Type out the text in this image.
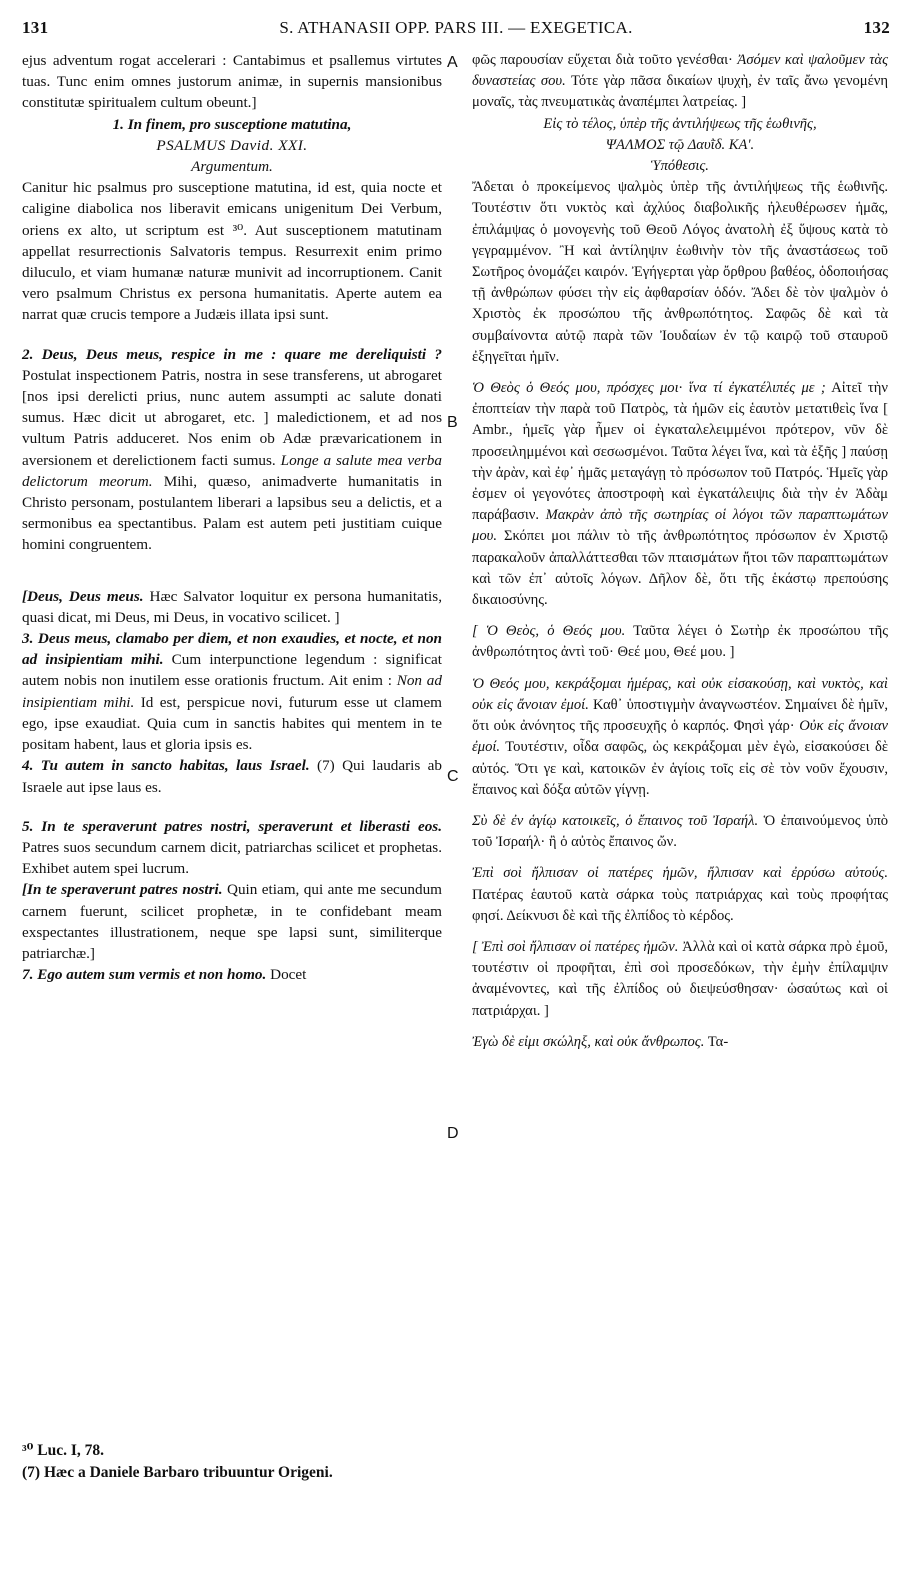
131	S. ATHANASII OPP. PARS III. — EXEGETICA.	132
A
B
C
D

ejus adventum rogat accelerari : Cantabimus et psallemus virtutes tuas. Tunc enim omnes justorum animæ, in supernis mansionibus constitutæ spiritualem cultum obeunt.]

1. In finem, pro susceptione matutina,

PSALMUS David. XXI.

Argumentum.

Canitur hic psalmus pro susceptione matutina, id est, quia nocte et caligine diabolica nos liberavit emicans unigenitum Dei Verbum, oriens ex alto, ut scriptum est ³⁰. Aut susceptionem matutinam appellat resurrectionis Salvatoris tempus. Resurrexit enim primo diluculo, et viam humanæ naturæ munivit ad incorruptionem. Canit vero psalmum Christus ex persona humanitatis. Aperte autem ea narrat quæ crucis tempore a Judæis illata ipsi sunt.

2. Deus, Deus meus, respice in me : quare me dereliquisti ? Postulat inspectionem Patris, nostra in sese transferens, ut abrogaret [nos ipsi derelicti prius, nunc autem assumpti ac salute donati sumus. Hæc dicit ut abrogaret, etc. ] maledictionem, et ad nos vultum Patris adduceret. Nos enim ob Adæ prævaricationem in aversionem et derelictionem facti sumus. Longe a salute mea verba delictorum meorum. Mihi, quæso, animadverte humanitatis in Christo personam, postulantem liberari a lapsibus seu a delictis, et a sermonibus ea spectantibus. Palam est autem peti justitiam cuique homini congruentem.

[Deus, Deus meus. Hæc Salvator loquitur ex persona humanitatis, quasi dicat, mi Deus, mi Deus, in vocativo scilicet. ]

3. Deus meus, clamabo per diem, et non exaudies, et nocte, et non ad insipientiam mihi. Cum interpunctione legendum : significat autem nobis non inutilem esse orationis fructum. Ait enim : Non ad insipientiam mihi. Id est, perspicue novi, futurum esse ut clamem ego, ipse exaudiat. Quia cum in sanctis habites qui mentem in te positam habent, laus et gloria ipsis es.

4. Tu autem in sancto habitas, laus Israel. (7) Qui laudaris ab Israele aut ipse laus es.

5. In te speraverunt patres nostri, speraverunt et liberasti eos. Patres suos secundum carnem dicit, patriarchas scilicet et prophetas. Exhibet autem spei lucrum.

[In te speraverunt patres nostri. Quin etiam, qui ante me secundum carnem fuerunt, scilicet prophetæ, in te confidebant meam exspectantes illustrationem, neque spe lapsi sunt, similiterque patriarchæ.]

7. Ego autem sum vermis et non homo. Docet

φῶς παρουσίαν εὔχεται διὰ τοῦτο γενέσθαι· Ἀσόμεν καὶ ψαλοῦμεν τὰς δυναστείας σου. Τότε γὰρ πᾶσα δικαίων ψυχὴ, ἐν ταῖς ἄνω γενομένη μοναῖς, τὰς πνευματικὰς ἀναπέμπει λατρείας. ]

Εἰς τὸ τέλος, ὑπὲρ τῆς ἀντιλήψεως τῆς ἑωθινῆς,

ΨΑΛΜΟΣ τῷ Δαυῒδ. ΚΑʹ.

Ὑπόθεσις.

Ἄδεται ὁ προκείμενος ψαλμὸς ὑπὲρ τῆς ἀντιλήψεως τῆς ἑωθινῆς. Τουτέστιν ὅτι νυκτὸς καὶ ἀχλύος διαβολικῆς ἠλευθέρωσεν ἡμᾶς, ἐπιλάμψας ὁ μονογενὴς τοῦ Θεοῦ Λόγος ἀνατολὴ ἐξ ὕψους κατὰ τὸ γεγραμμένον. Ἢ καὶ ἀντίληψιν ἑωθινὴν τὸν τῆς ἀναστάσεως τοῦ Σωτῆρος ὀνομάζει καιρόν. Ἐγήγερται γὰρ ὄρθρου βαθέος, ὁδοποιήσας τῇ ἀνθρώπων φύσει τὴν εἰς ἀφθαρσίαν ὁδόν. Ἄδει δὲ τὸν ψαλμὸν ὁ Χριστὸς ἐκ προσώπου τῆς ἀνθρωπότητος. Σαφῶς δὲ καὶ τὰ συμβαίνοντα αὐτῷ παρὰ τῶν Ἰουδαίων ἐν τῷ καιρῷ τοῦ σταυροῦ ἐξηγεῖται ἡμῖν.

Ὁ Θεὸς ὁ Θεός μου, πρόσχες μοι· ἵνα τί ἐγκατέλιπές με ; Αἰτεῖ τὴν ἐποπτείαν τὴν παρὰ τοῦ Πατρὸς, τὰ ἡμῶν εἰς ἑαυτὸν μετατιθεὶς ἵνα [ Ambr., ἡμεῖς γὰρ ἦμεν οἱ ἐγκαταλελειμμένοι πρότερον, νῦν δὲ προσειλημμένοι καὶ σεσωσμένοι. Ταῦτα λέγει ἵνα, καὶ τὰ ἑξῆς ] παύσῃ τὴν ἀρὰν, καὶ ἐφ᾽ ἡμᾶς μεταγάγῃ τὸ πρόσωπον τοῦ Πατρός. Ἡμεῖς γὰρ ἐσμεν οἱ γεγονότες ἀποστροφὴ καὶ ἐγκατάλειψις διὰ τὴν ἐν Ἀδὰμ παράβασιν. Μακρὰν ἀπὸ τῆς σωτηρίας οἱ λόγοι τῶν παραπτωμάτων μου. Σκόπει μοι πάλιν τὸ τῆς ἀνθρωπότητος πρόσωπον ἐν Χριστῷ παρακαλοῦν ἀπαλλάττεσθαι τῶν πταισμάτων ἤτοι τῶν παραπτωμάτων καὶ τῶν ἐπ᾽ αὐτοῖς λόγων. Δῆλον δὲ, ὅτι τῆς ἑκάστῳ πρεπούσης δικαιοσύνης.

[ Ὁ Θεὸς, ὁ Θεός μου. Ταῦτα λέγει ὁ Σωτὴρ ἐκ προσώπου τῆς ἀνθρωπότητος ἀντὶ τοῦ· Θεέ μου, Θεέ μου. ]

Ὁ Θεός μου, κεκράξομαι ἡμέρας, καὶ οὐκ εἰσακούσῃ, καὶ νυκτὸς, καὶ οὐκ εἰς ἄνοιαν ἐμοί. Καθ᾽ ὑποστιγμὴν ἀναγνωστέον. Σημαίνει δὲ ἡμῖν, ὅτι οὐκ ἀνόνητος τῆς προσευχῆς ὁ καρπός. Φησὶ γάρ· Οὐκ εἰς ἄνοιαν ἐμοί. Τουτέστιν, οἶδα σαφῶς, ὡς κεκράξομαι μὲν ἐγὼ, εἰσακούσει δὲ αὐτός. Ὅτι γε καὶ, κατοικῶν ἐν ἁγίοις τοῖς εἰς σὲ τὸν νοῦν ἔχουσιν, ἔπαινος καὶ δόξα αὐτῶν γίγνῃ.

Σὺ δὲ ἐν ἁγίῳ κατοικεῖς, ὁ ἔπαινος τοῦ Ἰσραήλ. Ὁ ἐπαινούμενος ὑπὸ τοῦ Ἰσραήλ· ἢ ὁ αὐτὸς ἔπαινος ὤν.

Ἐπὶ σοὶ ἤλπισαν οἱ πατέρες ἡμῶν, ἤλπισαν καὶ ἐρρύσω αὐτούς. Πατέρας ἑαυτοῦ κατὰ σάρκα τοὺς πατριάρχας καὶ τοὺς προφήτας φησί. Δείκνυσι δὲ καὶ τῆς ἐλπίδος τὸ κέρδος.

[ Ἐπὶ σοὶ ἤλπισαν οἱ πατέρες ἡμῶν. Ἀλλὰ καὶ οἱ κατὰ σάρκα πρὸ ἐμοῦ, τουτέστιν οἱ προφῆται, ἐπὶ σοὶ προσεδόκων, τὴν ἐμὴν ἐπίλαμψιν ἀναμένοντες, καὶ τῆς ἐλπίδος οὐ διεψεύσθησαν· ὡσαύτως καὶ οἱ πατριάρχαι. ]

Ἐγὼ δὲ εἰμι σκώληξ, καὶ οὐκ ἄνθρωπος. Τα-

³⁰ Luc. I, 78.

(7) Hæc a Daniele Barbaro tribuuntur Origeni.
